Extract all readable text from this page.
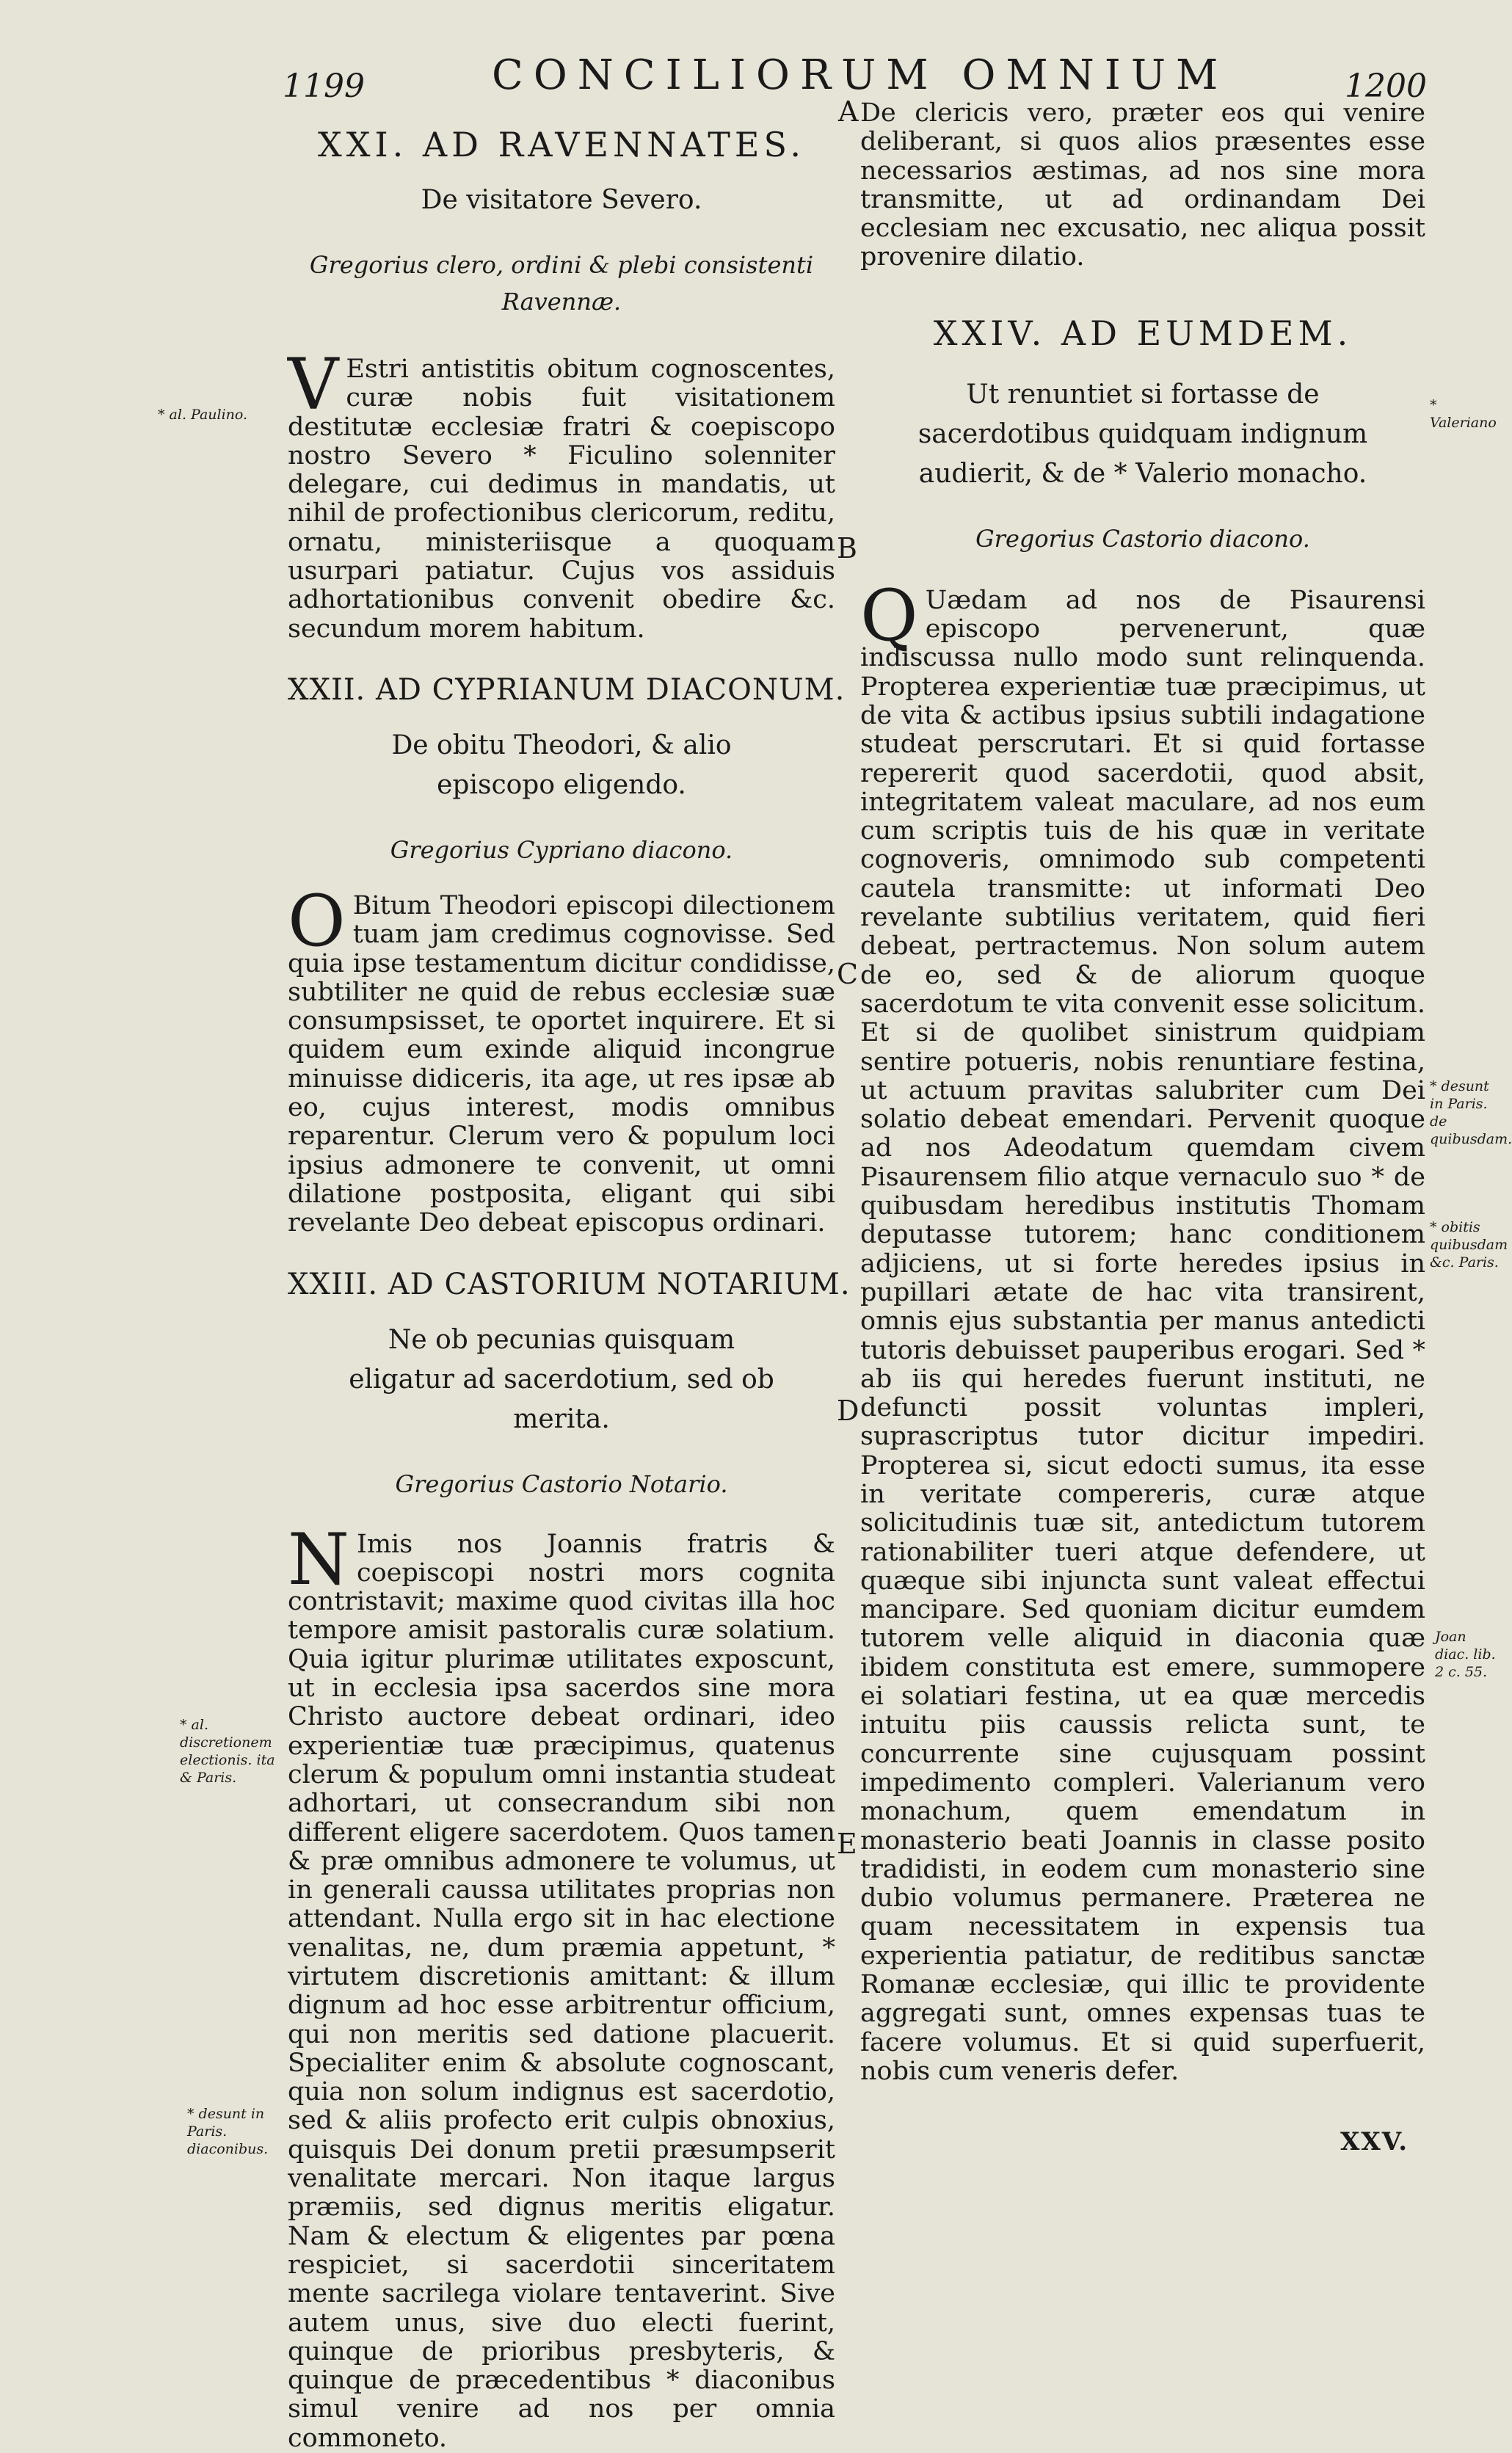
1199	CONCILIORUM OMNIUM	1200
XXI. AD RAVENNATES.
De visitatore Severo.
Gregorius clero, ordini & plebi consistenti Ravennæ.

V Estri antistitis obitum cognoscentes, curæ nobis fuit visitationem destitutæ ecclesiæ fratri & coepiscopo nostro Severo * Ficulino solenniter delegare, cui dedimus in mandatis, ut nihil de profectionibus clericorum, reditu, ornatu, ministeriisque a quoquam usurpari patiatur. Cujus vos assiduis adhortationibus convenit obedire &c. secundum morem habitum.

XXII. AD CYPRIANUM DIACONUM.
De obitu Theodori, & alio episcopo eligendo.
Gregorius Cypriano diacono.

O Bitum Theodori episcopi dilectionem tuam jam credimus cognovisse. Sed quia ipse testamentum dicitur condidisse, subtiliter ne quid de rebus ecclesiæ suæ consumpsisset, te oportet inquirere. Et si quidem eum exinde aliquid incongrue minuisse didiceris, ita age, ut res ipsæ ab eo, cujus interest, modis omnibus reparentur. Clerum vero & populum loci ipsius admonere te convenit, ut omni dilatione postposita, eligant qui sibi revelante Deo debeat episcopus ordinari.

XXIII. AD CASTORIUM NOTARIUM.
Ne ob pecunias quisquam eligatur ad sacerdotium, sed ob merita.
Gregorius Castorio Notario.

N Imis nos Joannis fratris & coepiscopi nostri mors cognita contristavit; maxime quod civitas illa hoc tempore amisit pastoralis curæ solatium. Quia igitur plurimæ utilitates exposcunt, ut in ecclesia ipsa sacerdos sine mora Christo auctore debeat ordinari, ideo experientiæ tuæ præcipimus, quatenus clerum & populum omni instantia studeat adhortari, ut consecrandum sibi non different eligere sacerdotem. Quos tamen & præ omnibus admonere te volumus, ut in generali caussa utilitates proprias non attendant. Nulla ergo sit in hac electione venalitas, ne, dum præmia appetunt, * virtutem discretionis amittant: & illum dignum ad hoc esse arbitrentur officium, qui non meritis sed datione placuerit. Specialiter enim & absolute cognoscant, quia non solum indignus est sacerdotio, sed & aliis profecto erit culpis obnoxius, quisquis Dei donum pretii præsumpserit venalitate mercari. Non itaque largus præmiis, sed dignus meritis eligatur. Nam & electum & eligentes par pœna respiciet, si sacerdotii sinceritatem mente sacrilega violare tentaverint. Sive autem unus, sive duo electi fuerint, quinque de prioribus presbyteris, & quinque de præcedentibus * diaconibus simul venire ad nos per omnia commoneto.

De clericis vero, præter eos qui venire deliberant, si quos alios præsentes esse necessarios æstimas, ad nos sine mora transmitte, ut ad ordinandam Dei ecclesiam nec excusatio, nec aliqua possit provenire dilatio.

XXIV. AD EUMDEM.
Ut renuntiet si fortasse de sacerdotibus quidquam indignum audierit, & de * Valerio monacho.
Gregorius Castorio diacono.

Q Uædam ad nos de Pisaurensi episcopo pervenerunt, quæ indiscussa nullo modo sunt relinquenda. Propterea experientiæ tuæ præcipimus, ut de vita & actibus ipsius subtili indagatione studeat perscrutari. Et si quid fortasse repererit quod sacerdotii, quod absit, integritatem valeat maculare, ad nos eum cum scriptis tuis de his quæ in veritate cognoveris, omnimodo sub competenti cautela transmitte: ut informati Deo revelante subtilius veritatem, quid fieri debeat, pertractemus. Non solum autem de eo, sed & de aliorum quoque sacerdotum te vita convenit esse solicitum. Et si de quolibet sinistrum quidpiam sentire potueris, nobis renuntiare festina, ut actuum pravitas salubriter cum Dei solatio debeat emendari. Pervenit quoque ad nos Adeodatum quemdam civem Pisaurensem filio atque vernaculo suo * de quibusdam heredibus institutis Thomam deputasse tutorem; hanc conditionem adjiciens, ut si forte heredes ipsius in pupillari ætate de hac vita transirent, omnis ejus substantia per manus antedicti tutoris debuisset pauperibus erogari. Sed * ab iis qui heredes fuerunt instituti, ne defuncti possit voluntas impleri, suprascriptus tutor dicitur impediri. Propterea si, sicut edocti sumus, ita esse in veritate compereris, curæ atque solicitudinis tuæ sit, antedictum tutorem rationabiliter tueri atque defendere, ut quæque sibi injuncta sunt valeat effectui mancipare. Sed quoniam dicitur eumdem tutorem velle aliquid in diaconia quæ ibidem constituta est emere, summopere ei solatiari festina, ut ea quæ mercedis intuitu piis caussis relicta sunt, te concurrente sine cujusquam possint impedimento compleri. Valerianum vero monachum, quem emendatum in monasterio beati Joannis in classe posito tradidisti, in eodem cum monasterio sine dubio volumus permanere. Præterea ne quam necessitatem in expensis tua experientia patiatur, de reditibus sanctæ Romanæ ecclesiæ, qui illic te providente aggregati sunt, omnes expensas tuas te facere volumus. Et si quid superfuerit, nobis cum veneris defer.

A
B
C
D
E
* al. Paulino.
* al. discretionem electionis. ita & Paris.
* desunt in Paris. diaconibus.
* Valeriano
* desunt in Paris. de quibusdam.
* obitis quibusdam &c. Paris.
Joan diac. lib. 2 c. 55.
XXV.
